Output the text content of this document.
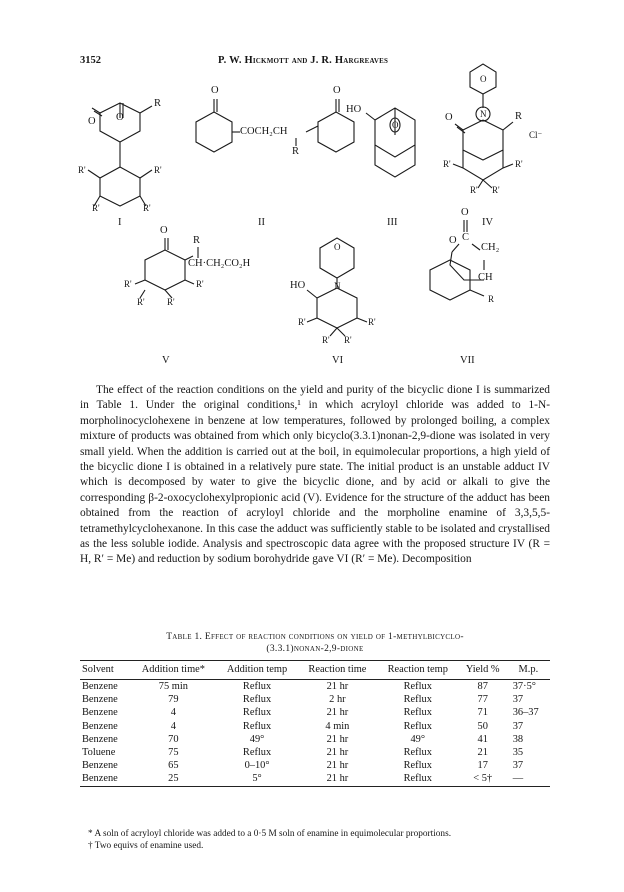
3152	P. W. Hickmott and J. R. Hargreaves
O O
R
R'	R'
R'	R'
I
O	O
COCH₂CH
R
II
HO
O
III
O
O	R
Cl⁻
N
R'	R'
R' R'
IV
O
R
CH·CH₂CO₂H
R'	R'
R' R'
V
O
HO	N
R'	R'
R' R'
VI
O
C
O
CH₂
CH
R
VII

The effect of the reaction conditions on the yield and purity of the bicyclic dione I is summarized in Table 1. Under the original conditions,¹ in which acryloyl chloride was added to 1-N-morpholinocyclohexene in benzene at low temperatures, followed by prolonged boiling, a complex mixture of products was obtained from which only bicyclo(3.3.1)nonan-2,9-dione was isolated in very small yield. When the addition is carried out at the boil, in equimolecular proportions, a high yield of the bicyclic dione I is obtained in a relatively pure state. The initial product is an unstable adduct IV which is decomposed by water to give the bicyclic dione, and by acid or alkali to give the corresponding β-2-oxocyclohexylpropionic acid (V). Evidence for the structure of the adduct has been obtained from the reaction of acryloyl chloride and the morpholine enamine of 3,3,5,5-tetramethylcyclohexanone. In this case the adduct was sufficiently stable to be isolated and crystallised as the less soluble iodide. Analysis and spectroscopic data agree with the proposed structure IV (R = H, R′ = Me) and reduction by sodium borohydride gave VI (R′ = Me). Decomposition

Table 1. Effect of reaction conditions on yield of 1-methylbicyclo-
(3.3.1)nonan-2,9-dione
Solvent	Addition time*	Addition temp	Reaction time	Reaction temp	Yield %	M.p.
Benzene	75 min	Reflux	21 hr	Reflux	87	37·5°
Benzene	79	Reflux	2 hr	Reflux	77	37
Benzene	4	Reflux	21 hr	Reflux	71	36–37
Benzene	4	Reflux	4 min	Reflux	50	37
Benzene	70	49°	21 hr	49°	41	38
Toluene	75	Reflux	21 hr	Reflux	21	35
Benzene	65	0–10°	21 hr	Reflux	17	37
Benzene	25	5°	21 hr	Reflux	< 5†	—
* A soln of acryloyl chloride was added to a 0·5 M soln of enamine in equimolecular proportions.
† Two equivs of enamine used.
